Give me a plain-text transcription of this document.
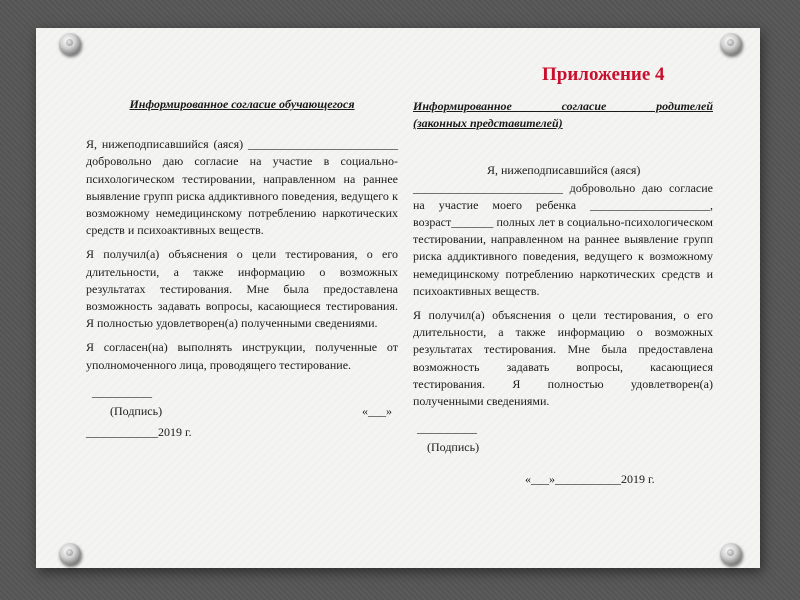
Приложение 4
Информированное согласие обучающегося

Я, нижеподписавшийся (аяся) _________________________ добровольно даю согласие на участие в социально-психологическом тестировании, направленном на раннее выявление групп риска аддиктивного поведения, ведущего к возможному немедицинскому потреблению наркотических средств и психоактивных веществ.

Я получил(а) объяснения о цели тестирования, о его длительности, а также информацию о возможных результатах тестирования. Мне была предоставлена возможность задавать вопросы, касающиеся тестирования. Я полностью удовлетворен(а) полученными сведениями.

Я согласен(на) выполнять инструкции, полученные от уполномоченного лица, проводящего тестирование.

__________
(Подпись)	«___»
____________2019 г.
Информированное согласие родителей
(законных представителей)

Я, нижеподписавшийся (аяся)

_________________________ добровольно даю согласие на участие моего ребенка ____________________, возраст_______ полных лет в социально-психологическом тестировании, направленном на раннее выявление групп риска аддиктивного поведения, ведущего к возможному немедицинскому потреблению наркотических средств и психоактивных веществ.

Я получил(а) объяснения о цели тестирования, о его длительности, а также информацию о возможных результатах тестирования. Мне была предоставлена возможность задавать вопросы, касающиеся тестирования. Я полностью удовлетворен(а) полученными сведениями.

__________
(Подпись)
«___»___________2019 г.
